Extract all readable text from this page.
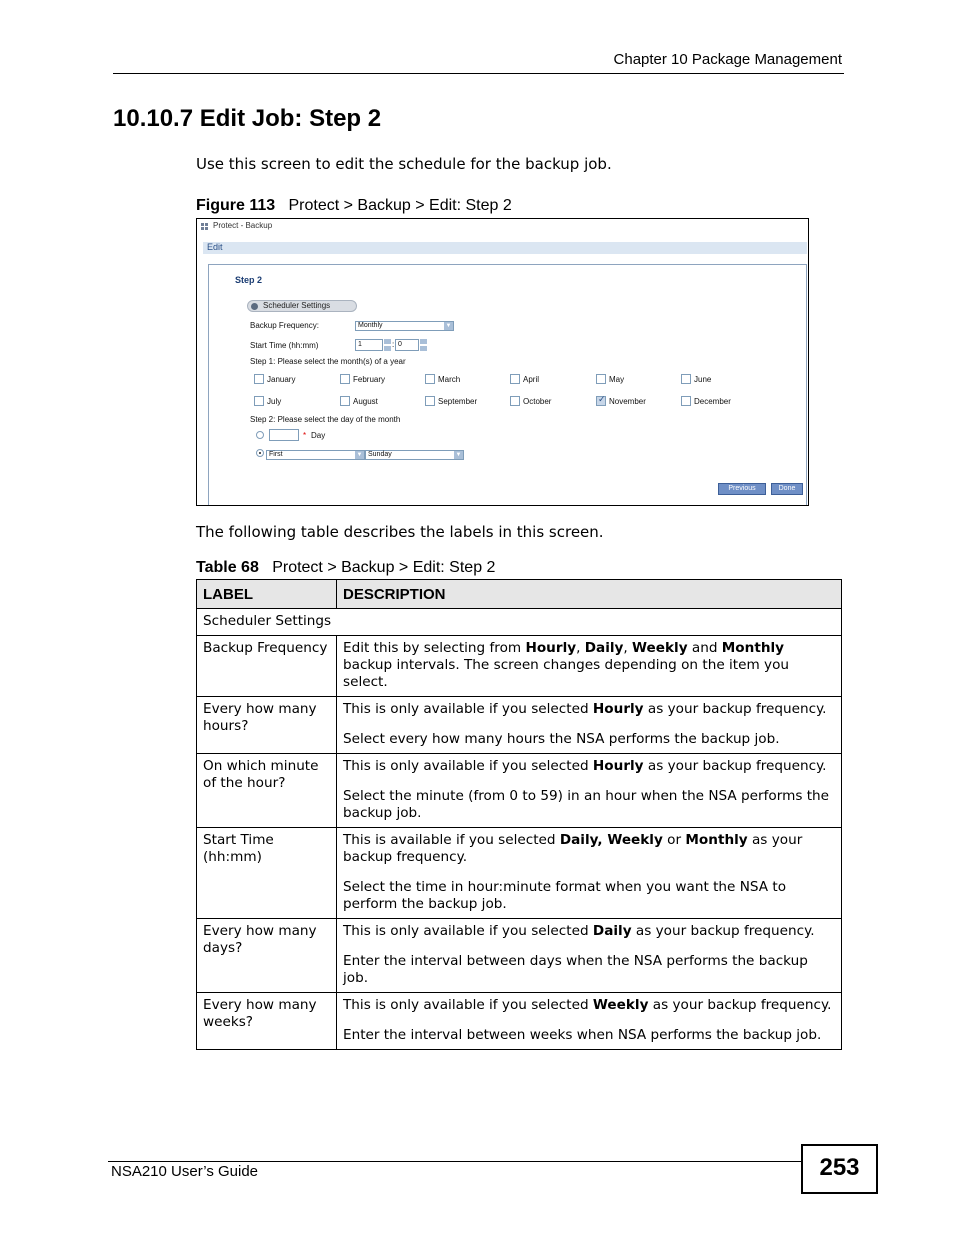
Chapter 10 Package Management
10.10.7 Edit Job: Step 2
Use this screen to edit the schedule for the backup job.
Figure 113 Protect > Backup > Edit: Step 2
Protect - Backup
Edit
Step 2
Scheduler Settings
Backup Frequency:	Monthly	▼
Start Time (hh:mm)	1	: 0
Step 1: Please select the month(s) of a year
Step 2: Please select the day of the month
* Day
First	▼ Sunday	▼
Previous	Done
January	February	March	April	May	June
July	August	September	October ✓	November	December
The following table describes the labels in this screen.
Table 68 Protect > Backup > Edit: Step 2
LABEL	DESCRIPTION
Scheduler Settings	
Backup Frequency	Edit this by selecting from Hourly, Daily, Weekly and Monthly backup intervals. The screen changes depending on the item you select.

Every how many hours?	This is only available if you selected Hourly as your backup frequency.

Select every how many hours the NSA performs the backup job.

On which minute of the hour?	This is only available if you selected Hourly as your backup frequency.

Select the minute (from 0 to 59) in an hour when the NSA performs the backup job.

Start Time (hh:mm)	This is available if you selected Daily, Weekly or Monthly as your backup frequency.

Select the time in hour:minute format when you want the NSA to perform the backup job.

Every how many days?	This is only available if you selected Daily as your backup frequency.

Enter the interval between days when the NSA performs the backup job.

Every how many weeks?	This is only available if you selected Weekly as your backup frequency.

Enter the interval between weeks when NSA performs the backup job.

NSA210 User’s Guide	253
